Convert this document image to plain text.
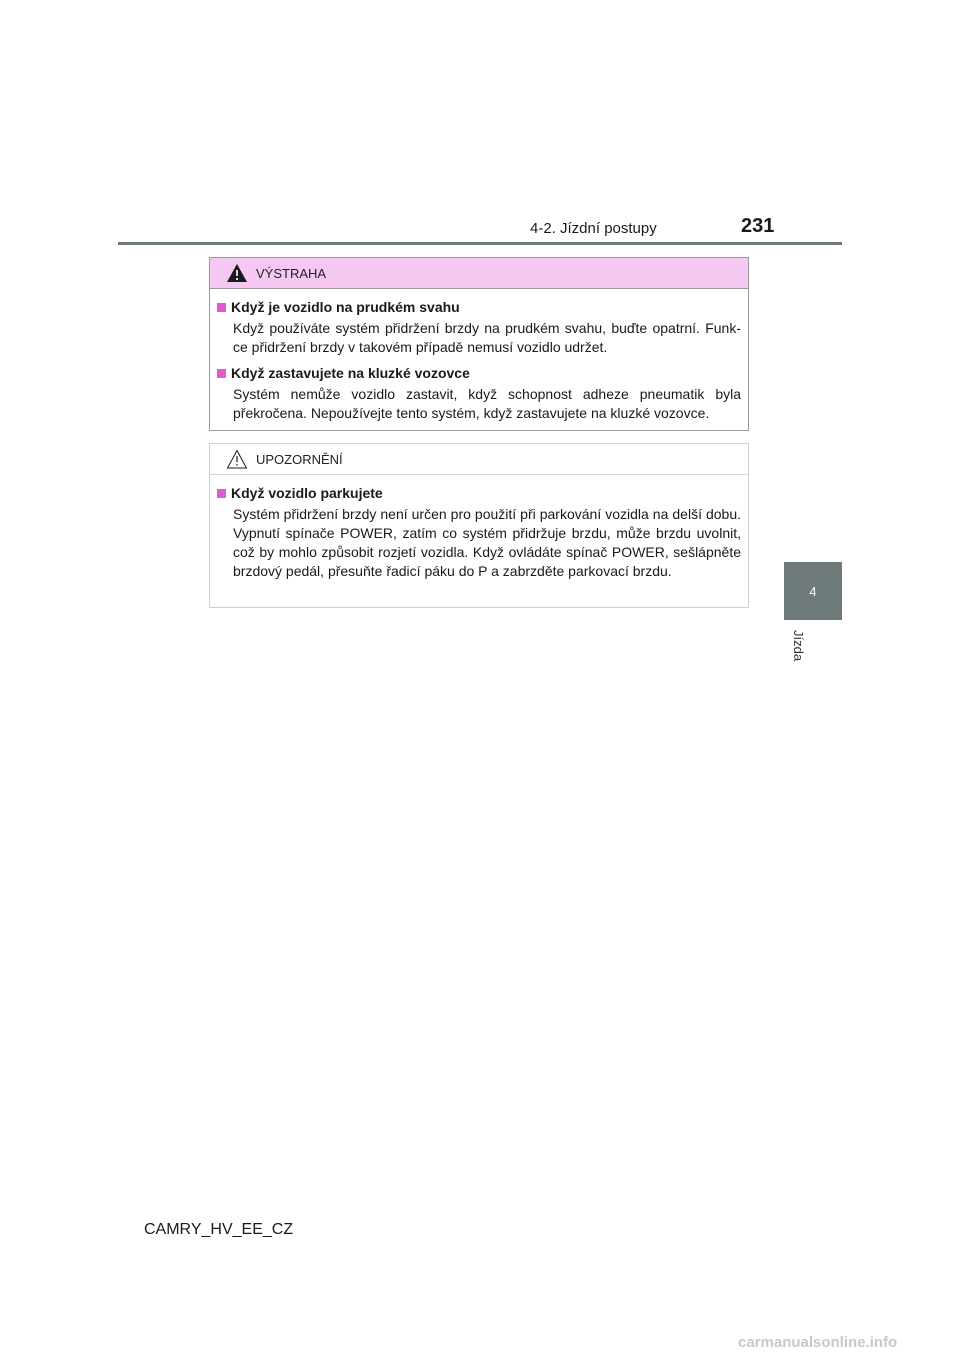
4-2. Jízdní postupy	231
4
Jízda
VÝSTRAHA
Když je vozidlo na prudkém svahu

Když používáte systém přidržení brzdy na prudkém svahu, buďte opatrní. Funk-ce přidržení brzdy v takovém případě nemusí vozidlo udržet.

Když zastavujete na kluzké vozovce

Systém nemůže vozidlo zastavit, když schopnost adheze pneumatik byla překročena. Nepoužívejte tento systém, když zastavujete na kluzké vozovce.

UPOZORNĚNÍ
Když vozidlo parkujete

Systém přidržení brzdy není určen pro použití při parkování vozidla na delší dobu. Vypnutí spínače POWER, zatím co systém přidržuje brzdu, může brzdu uvolnit, což by mohlo způsobit rozjetí vozidla. Když ovládáte spínač POWER, sešlápněte brzdový pedál, přesuňte řadicí páku do P a zabrzděte parkovací brzdu.

CAMRY_HV_EE_CZ
carmanualsonline.info
